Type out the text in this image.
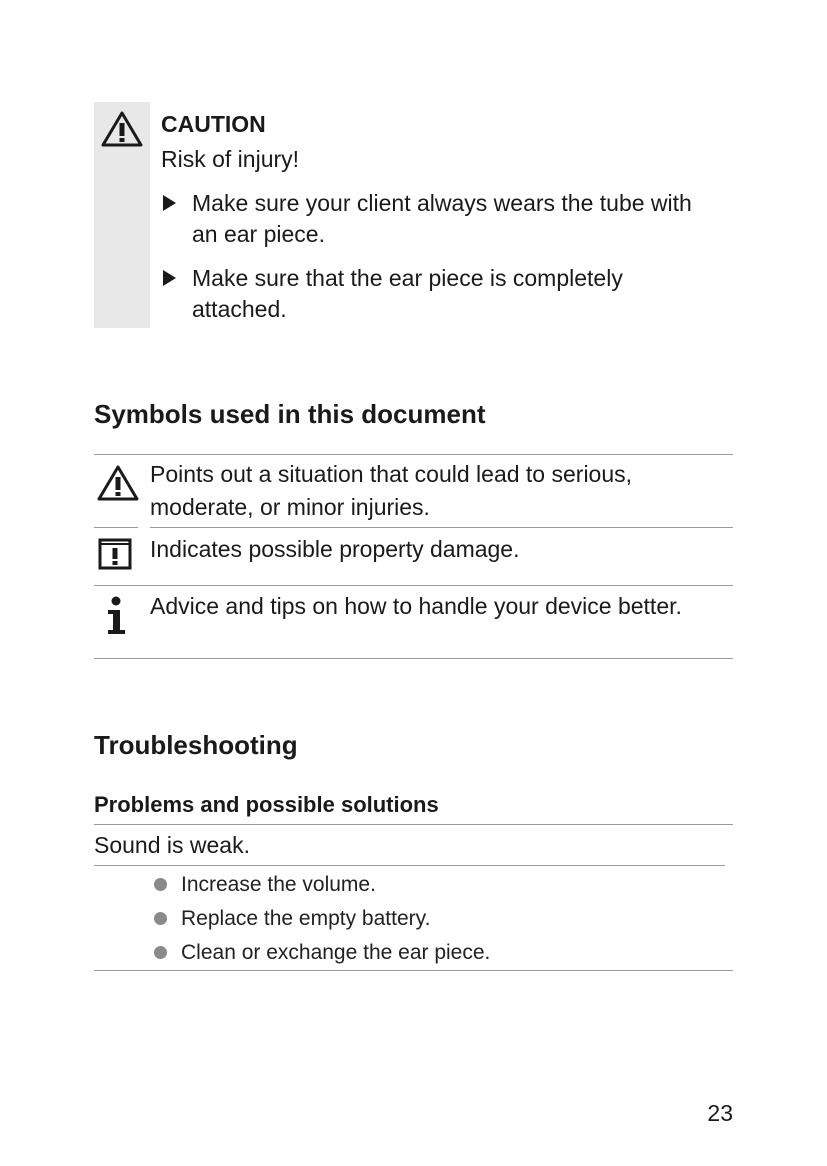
CAUTION
Risk of injury!
Make sure your client always wears the tube with an ear piece.
Make sure that the ear piece is completely attached.
Symbols used in this document
Points out a situation that could lead to serious, moderate, or minor injuries.
Indicates possible property damage.
Advice and tips on how to handle your device better.
Troubleshooting
Problems and possible solutions
Sound is weak.
Increase the volume.
Replace the empty battery.
Clean or exchange the ear piece.
23
